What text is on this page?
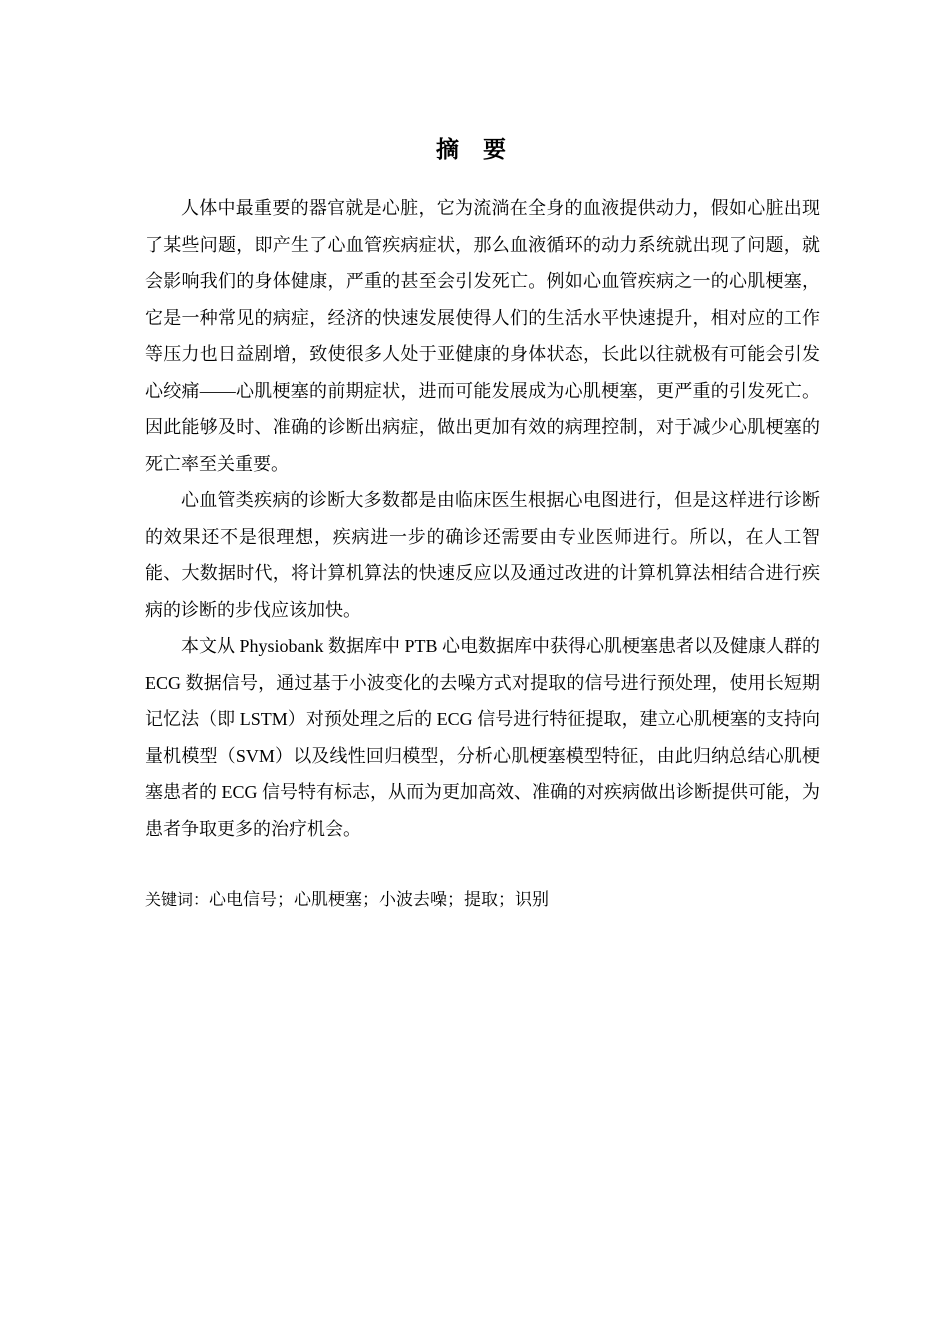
摘 要

人体中最重要的器官就是心脏，它为流淌在全身的血液提供动力，假如心脏出现了某些问题，即产生了心血管疾病症状，那么血液循环的动力系统就出现了问题，就会影响我们的身体健康，严重的甚至会引发死亡。例如心血管疾病之一的心肌梗塞，它是一种常见的病症，经济的快速发展使得人们的生活水平快速提升，相对应的工作等压力也日益剧增，致使很多人处于亚健康的身体状态，长此以往就极有可能会引发心绞痛——心肌梗塞的前期症状，进而可能发展成为心肌梗塞，更严重的引发死亡。因此能够及时、准确的诊断出病症，做出更加有效的病理控制，对于减少心肌梗塞的死亡率至关重要。

心血管类疾病的诊断大多数都是由临床医生根据心电图进行，但是这样进行诊断的效果还不是很理想，疾病进一步的确诊还需要由专业医师进行。所以，在人工智能、大数据时代，将计算机算法的快速反应以及通过改进的计算机算法相结合进行疾病的诊断的步伐应该加快。

本文从 Physiobank 数据库中 PTB 心电数据库中获得心肌梗塞患者以及健康人群的 ECG 数据信号，通过基于小波变化的去噪方式对提取的信号进行预处理，使用长短期记忆法（即 LSTM）对预处理之后的 ECG 信号进行特征提取，建立心肌梗塞的支持向量机模型（SVM）以及线性回归模型，分析心肌梗塞模型特征，由此归纳总结心肌梗塞患者的 ECG 信号特有标志，从而为更加高效、准确的对疾病做出诊断提供可能，为患者争取更多的治疗机会。

关键词：心电信号；心肌梗塞；小波去噪；提取；识别
